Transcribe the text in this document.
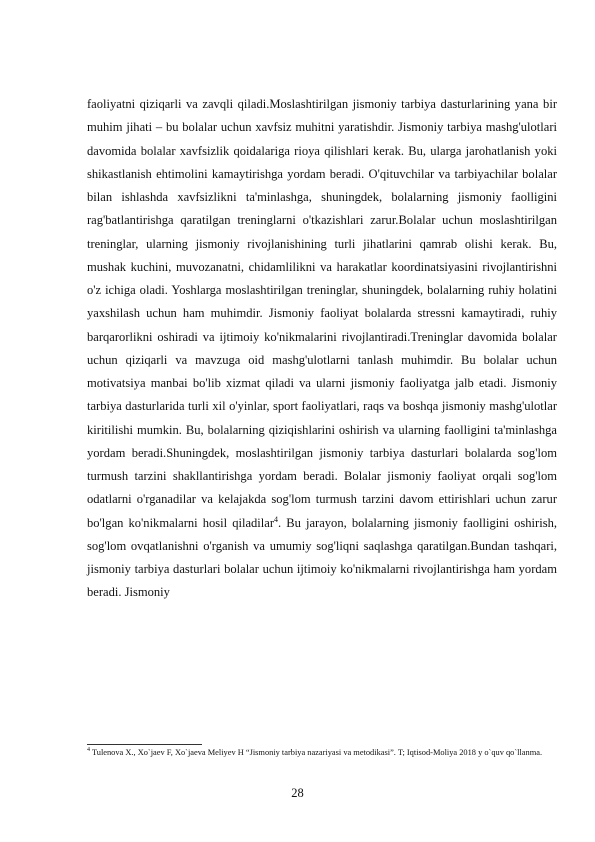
faoliyatni qiziqarli va zavqli qiladi.Moslashtirilgan jismoniy tarbiya dasturlarining yana bir muhim jihati – bu bolalar uchun xavfsiz muhitni yaratishdir. Jismoniy tarbiya mashg'ulotlari davomida bolalar xavfsizlik qoidalariga rioya qilishlari kerak. Bu, ularga jarohatlanish yoki shikastlanish ehtimolini kamaytirishga yordam beradi. O'qituvchilar va tarbiyachilar bolalar bilan ishlashda xavfsizlikni ta'minlashga, shuningdek, bolalarning jismoniy faolligini rag'batlantirishga qaratilgan treninglarni o'tkazishlari zarur.Bolalar uchun moslashtirilgan treninglar, ularning jismoniy rivojlanishining turli jihatlarini qamrab olishi kerak. Bu, mushak kuchini, muvozanatni, chidamlilikni va harakatlar koordinatsiyasini rivojlantirishni o'z ichiga oladi. Yoshlarga moslashtirilgan treninglar, shuningdek, bolalarning ruhiy holatini yaxshilash uchun ham muhimdir. Jismoniy faoliyat bolalarda stressni kamaytiradi, ruhiy barqarorlikni oshiradi va ijtimoiy ko'nikmalarini rivojlantiradi.Treninglar davomida bolalar uchun qiziqarli va mavzuga oid mashg'ulotlarni tanlash muhimdir. Bu bolalar uchun motivatsiya manbai bo'lib xizmat qiladi va ularni jismoniy faoliyatga jalb etadi. Jismoniy tarbiya dasturlarida turli xil o'yinlar, sport faoliyatlari, raqs va boshqa jismoniy mashg'ulotlar kiritilishi mumkin. Bu, bolalarning qiziqishlarini oshirish va ularning faolligini ta'minlashga yordam beradi.Shuningdek, moslashtirilgan jismoniy tarbiya dasturlari bolalarda sog'lom turmush tarzini shakllantirishga yordam beradi. Bolalar jismoniy faoliyat orqali sog'lom odatlarni o'rganadilar va kelajakda sog'lom turmush tarzini davom ettirishlari uchun zarur bo'lgan ko'nikmalarni hosil qiladilar$^4$. Bu jarayon, bolalarning jismoniy faolligini oshirish, sog'lom ovqatlanishni o'rganish va umumiy sog'liqni saqlashga qaratilgan.Bundan tashqari, jismoniy tarbiya dasturlari bolalar uchun ijtimoiy ko'nikmalarni rivojlantirishga ham yordam beradi. Jismoniy

$^4$ Tulenova X., Xo`jaev F, Xo`jaeva Meliyev H “Jismoniy tarbiya nazariyasi va metodikasi”. T; Iqtisod-Moliya 2018 y o`quv qo`llanma.

28
